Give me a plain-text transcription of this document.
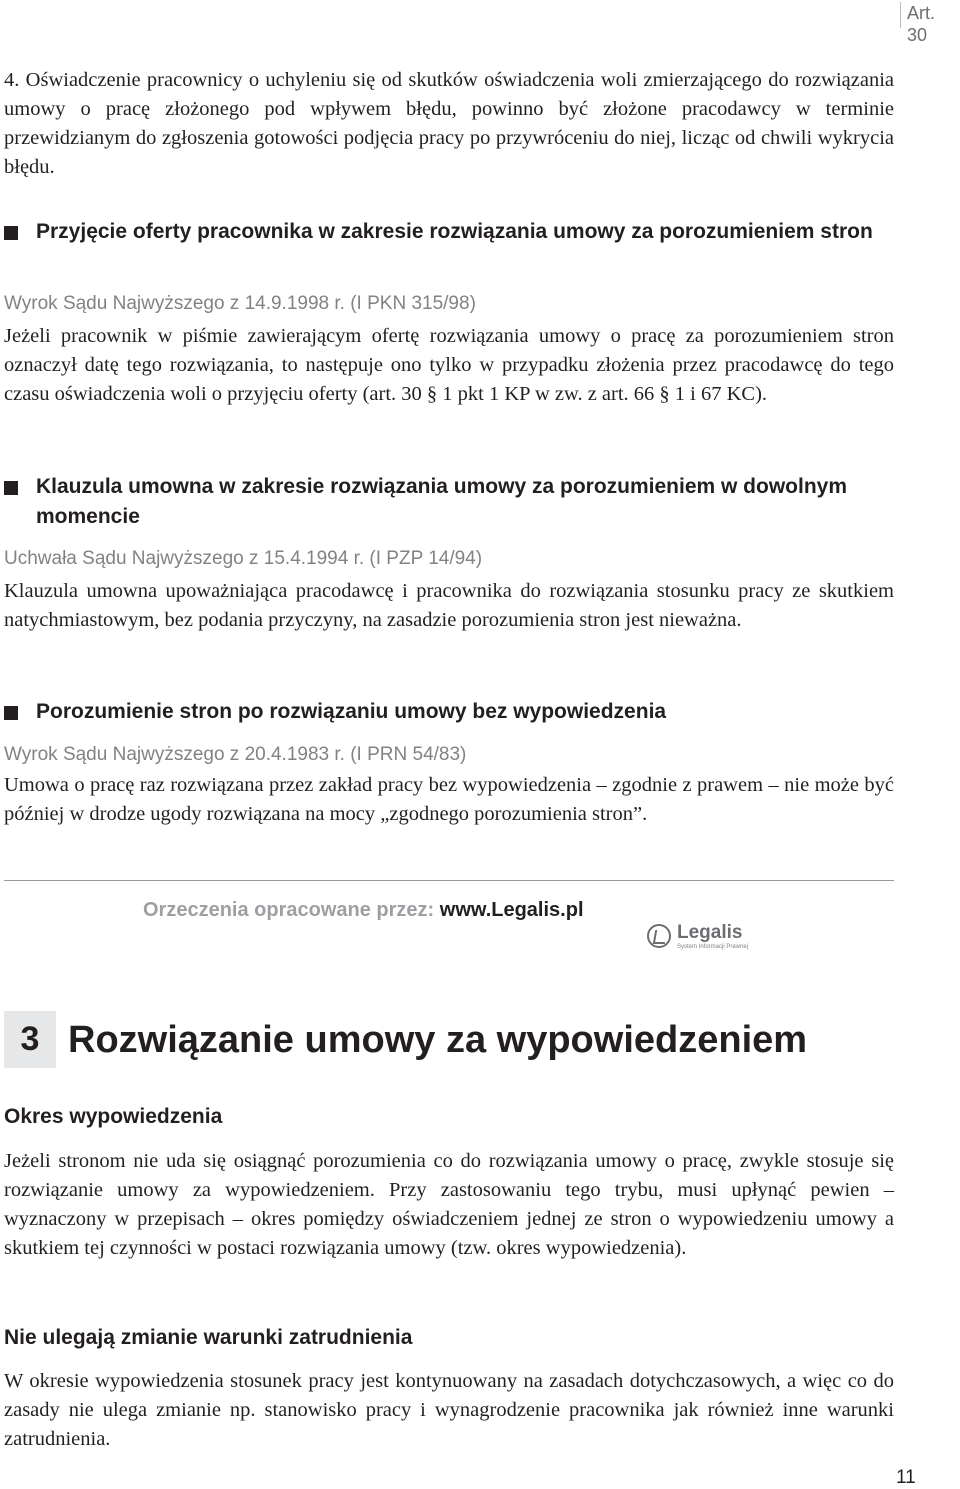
Art. 30
4. Oświadczenie pracownicy o uchyleniu się od skutków oświadczenia woli zmierzającego do rozwiązania umowy o pracę złożonego pod wpływem błędu, powinno być złożone pracodawcy w terminie przewidzianym do zgłoszenia gotowości podjęcia pracy po przywróceniu do niej, licząc od chwili wykrycia błędu.
Przyjęcie oferty pracownika w zakresie rozwiązania umowy za porozumieniem stron
Wyrok Sądu Najwyższego z 14.9.1998 r. (I PKN 315/98)
Jeżeli pracownik w piśmie zawierającym ofertę rozwiązania umowy o pracę za porozumieniem stron oznaczył datę tego rozwiązania, to następuje ono tylko w przypadku złożenia przez pracodawcę do tego czasu oświadczenia woli o przyjęciu oferty (art. 30 § 1 pkt 1 KP w zw. z art. 66 § 1 i 67 KC).
Klauzula umowna w zakresie rozwiązania umowy za porozumieniem w dowolnym momencie
Uchwała Sądu Najwyższego z 15.4.1994 r. (I PZP 14/94)
Klauzula umowna upoważniająca pracodawcę i pracownika do rozwiązania stosunku pracy ze skutkiem natychmiastowym, bez podania przyczyny, na zasadzie porozumienia stron jest nieważna.
Porozumienie stron po rozwiązaniu umowy bez wypowiedzenia
Wyrok Sądu Najwyższego z 20.4.1983 r. (I PRN 54/83)
Umowa o pracę raz rozwiązana przez zakład pracy bez wypowiedzenia – zgodnie z prawem – nie może być później w drodze ugody rozwiązana na mocy „zgodnego porozumienia stron”.
Orzeczenia opracowane przez: www.Legalis.pl
Legalis
System Informacji Prawnej
3 Rozwiązanie umowy za wypowiedzeniem
Okres wypowiedzenia
Jeżeli stronom nie uda się osiągnąć porozumienia co do rozwiązania umowy o pracę, zwykle stosuje się rozwiązanie umowy za wypowiedzeniem. Przy zastosowaniu tego trybu, musi upłynąć pewien – wyznaczony w przepisach – okres pomiędzy oświadczeniem jednej ze stron o wypowiedzeniu umowy a skutkiem tej czynności w postaci rozwiązania umowy (tzw. okres wypowiedzenia).
Nie ulegają zmianie warunki zatrudnienia
W okresie wypowiedzenia stosunek pracy jest kontynuowany na zasadach dotychczasowych, a więc co do zasady nie ulega zmianie np. stanowisko pracy i wynagrodzenie pracownika jak również inne warunki zatrudnienia.
11
